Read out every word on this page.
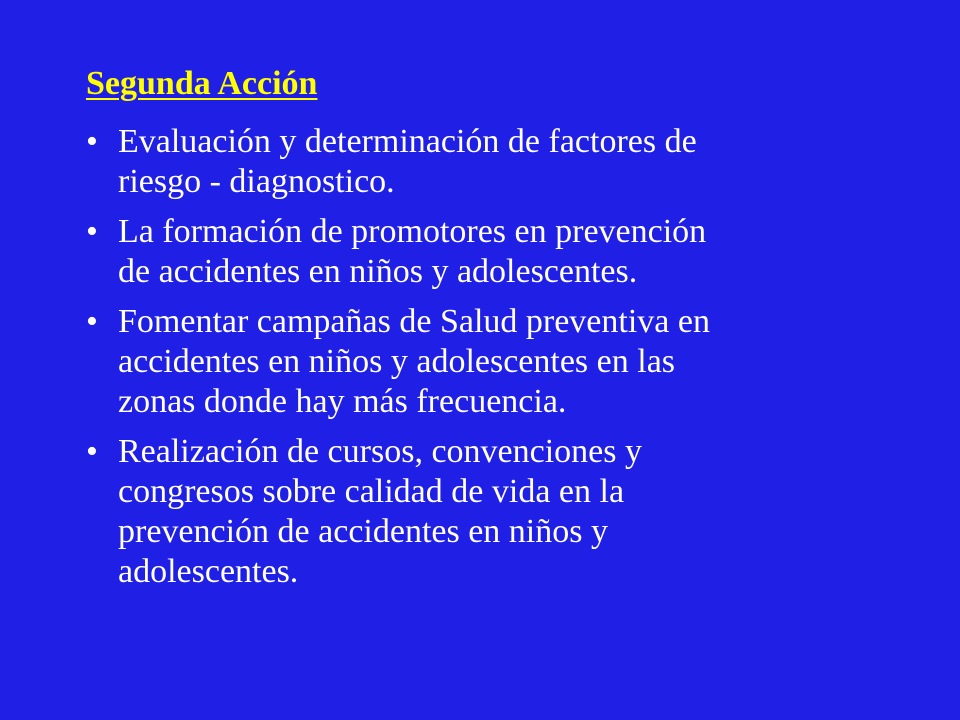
Segunda Acción
• Evaluación y determinación de factores de
riesgo - diagnostico.
• La formación de promotores en prevención
de accidentes en niños y adolescentes.
• Fomentar campañas de Salud preventiva en
accidentes en niños y adolescentes en las
zonas donde hay más frecuencia.
• Realización de cursos, convenciones y
congresos sobre calidad de vida en la
prevención de accidentes en niños y
adolescentes.
